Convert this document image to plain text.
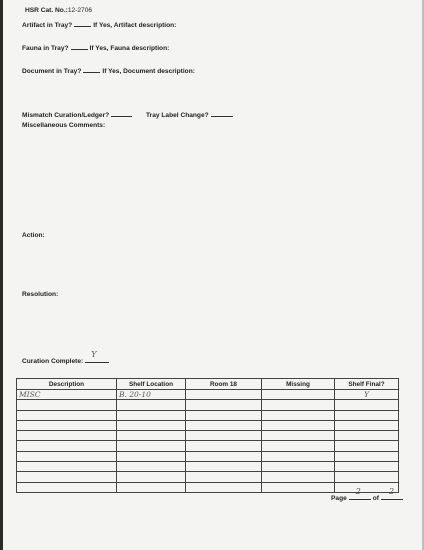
HSR Cat. No.:12-2706
Artifact in Tray?	If Yes, Artifact description:
Fauna in Tray?	If Yes, Fauna description:
Document in Tray?	If Yes, Document description:
Mismatch Curation/Ledger?	Tray Label Change?
Miscellaneous Comments:
Action:
Resolution:
Curation Complete:
Y
Description	Shelf Location	Room 18	Missing	Shelf Final?
MISC	B. 20-10			Y

Page
2
of
2
